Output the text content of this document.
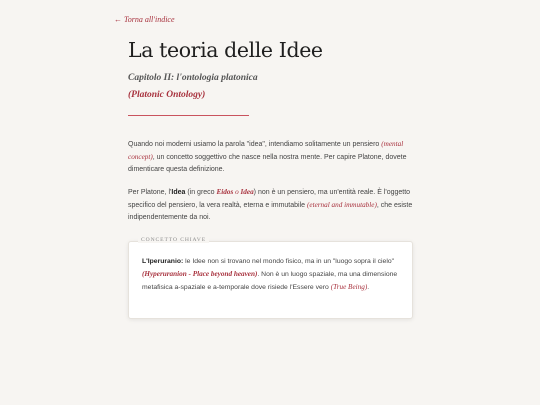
← Torna all'indice
La teoria delle Idee
Capitolo II: l'ontologia platonica
(Platonic Ontology)

Quando noi moderni usiamo la parola "idea", intendiamo solitamente un pensiero (mental concept), un concetto soggettivo che nasce nella nostra mente. Per capire Platone, dovete dimenticare questa definizione.

Per Platone, l'Idea (in greco Eidos o Idea) non è un pensiero, ma un'entità reale. È l'oggetto specifico del pensiero, la vera realtà, eterna e immutabile (eternal and immutable), che esiste indipendentemente da noi.

CONCETTO CHIAVE

L'Iperuranio: le Idee non si trovano nel mondo fisico, ma in un "luogo sopra il cielo" (Hyperuranion - Place beyond heaven). Non è un luogo spaziale, ma una dimensione metafisica a-spaziale e a-temporale dove risiede l'Essere vero (True Being).
